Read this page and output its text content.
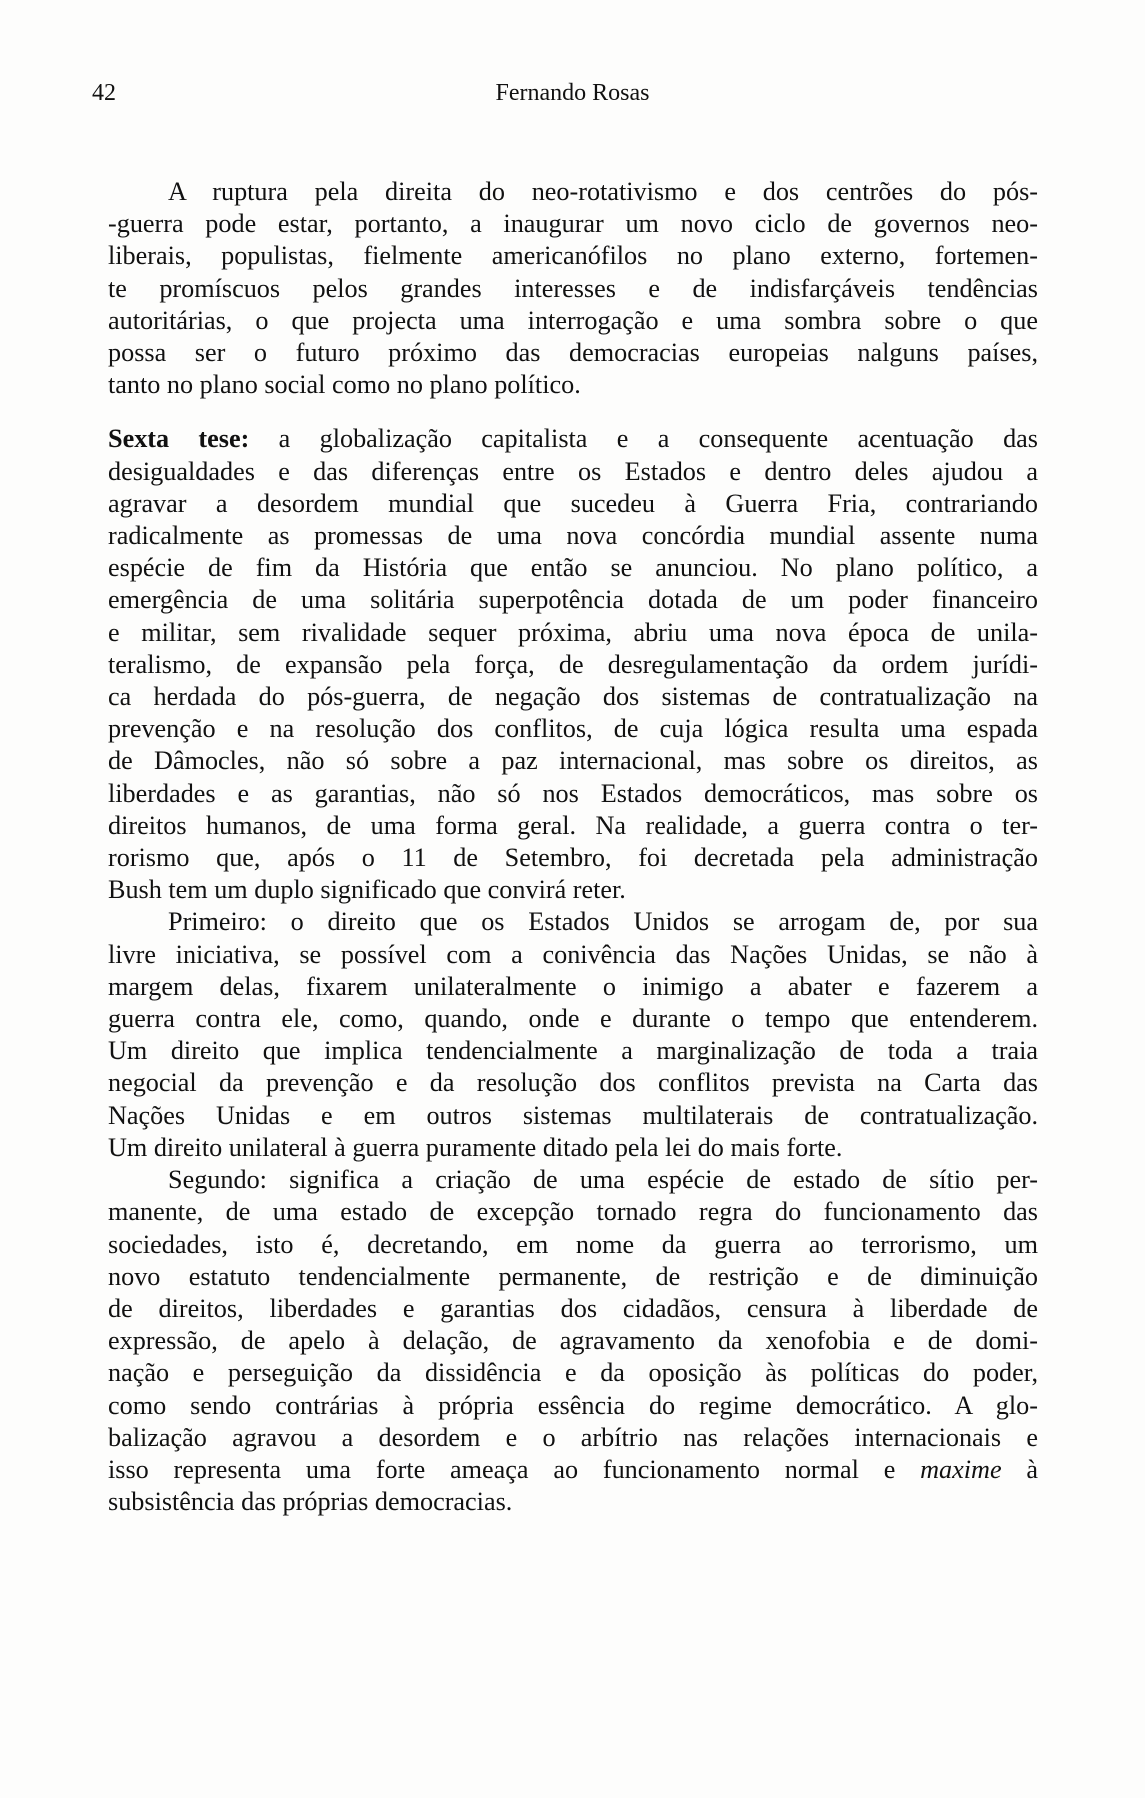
42	Fernando Rosas

A ruptura pela direita do neo-rotativismo e dos centrões do pós-
-guerra pode estar, portanto, a inaugurar um novo ciclo de governos neo-
liberais, populistas, fielmente americanófilos no plano externo, fortemen-
te promíscuos pelos grandes interesses e de indisfarçáveis tendências
autoritárias, o que projecta uma interrogação e uma sombra sobre o que
possa ser o futuro próximo das democracias europeias nalguns países,
tanto no plano social como no plano político.

Sexta tese: a globalização capitalista e a consequente acentuação das
desigualdades e das diferenças entre os Estados e dentro deles ajudou a
agravar a desordem mundial que sucedeu à Guerra Fria, contrariando
radicalmente as promessas de uma nova concórdia mundial assente numa
espécie de fim da História que então se anunciou. No plano político, a
emergência de uma solitária superpotência dotada de um poder financeiro
e militar, sem rivalidade sequer próxima, abriu uma nova época de unila-
teralismo, de expansão pela força, de desregulamentação da ordem jurídi-
ca herdada do pós-guerra, de negação dos sistemas de contratualização na
prevenção e na resolução dos conflitos, de cuja lógica resulta uma espada
de Dâmocles, não só sobre a paz internacional, mas sobre os direitos, as
liberdades e as garantias, não só nos Estados democráticos, mas sobre os
direitos humanos, de uma forma geral. Na realidade, a guerra contra o ter-
rorismo que, após o 11 de Setembro, foi decretada pela administração
Bush tem um duplo significado que convirá reter.

Primeiro: o direito que os Estados Unidos se arrogam de, por sua
livre iniciativa, se possível com a conivência das Nações Unidas, se não à
margem delas, fixarem unilateralmente o inimigo a abater e fazerem a
guerra contra ele, como, quando, onde e durante o tempo que entenderem.
Um direito que implica tendencialmente a marginalização de toda a traia
negocial da prevenção e da resolução dos conflitos prevista na Carta das
Nações Unidas e em outros sistemas multilaterais de contratualização.
Um direito unilateral à guerra puramente ditado pela lei do mais forte.

Segundo: significa a criação de uma espécie de estado de sítio per-
manente, de uma estado de excepção tornado regra do funcionamento das
sociedades, isto é, decretando, em nome da guerra ao terrorismo, um
novo estatuto tendencialmente permanente, de restrição e de diminuição
de direitos, liberdades e garantias dos cidadãos, censura à liberdade de
expressão, de apelo à delação, de agravamento da xenofobia e de domi-
nação e perseguição da dissidência e da oposição às políticas do poder,
como sendo contrárias à própria essência do regime democrático. A glo-
balização agravou a desordem e o arbítrio nas relações internacionais e
isso representa uma forte ameaça ao funcionamento normal e maxime à
subsistência das próprias democracias.
